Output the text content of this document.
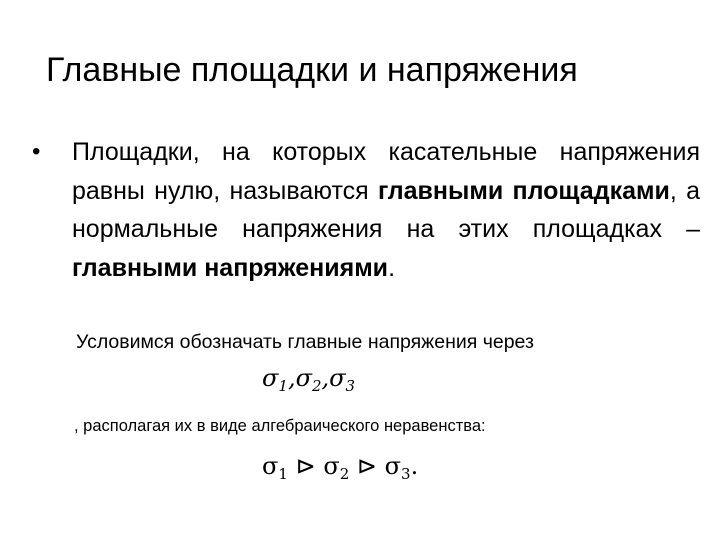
Главные площадки и напряжения
• Площадки, на которых касательные напряжения равны нулю, называются главными площадками, а нормальные напряжения на этих площадках – главными напряжениями.
Условимся обозначать главные напряжения через
$\sigma_1,\sigma_2,\sigma_3$
, располагая их в виде алгебраического неравенства:
$\sigma_1$ ⊳ $\sigma_2$ ⊳ $\sigma_3$.
